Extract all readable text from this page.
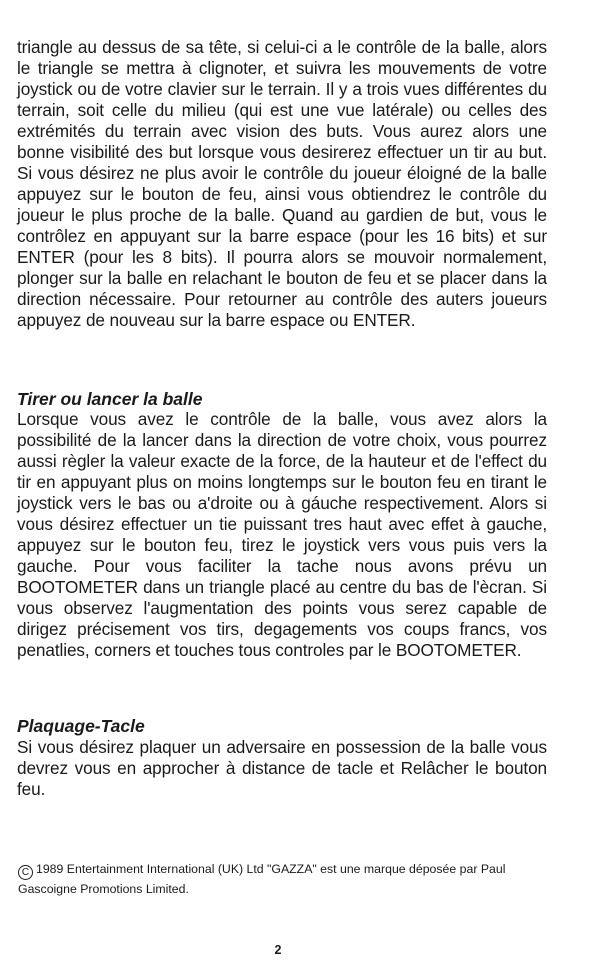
triangle au dessus de sa tête, si celui-ci a le contrôle de la balle, alors le triangle se mettra à clignoter, et suivra les mouvements de votre joystick ou de votre clavier sur le terrain. Il y a trois vues différentes du terrain, soit celle du milieu (qui est une vue latérale) ou celles des extrémités du terrain avec vision des buts. Vous aurez alors une bonne visibilité des but lorsque vous desirerez effectuer un tir au but. Si vous désirez ne plus avoir le contrôle du joueur éloigné de la balle appuyez sur le bouton de feu, ainsi vous obtiendrez le contrôle du joueur le plus proche de la balle. Quand au gardien de but, vous le contrôlez en appuyant sur la barre espace (pour les 16 bits) et sur ENTER (pour les 8 bits). Il pourra alors se mouvoir normalement, plonger sur la balle en relachant le bouton de feu et se placer dans la direction nécessaire. Pour retourner au contrôle des auters joueurs appuyez de nouveau sur la barre espace ou ENTER.

Tirer ou lancer la balle

Lorsque vous avez le contrôle de la balle, vous avez alors la possibilité de la lancer dans la direction de votre choix, vous pourrez aussi règler la valeur exacte de la force, de la hauteur et de l'effect du tir en appuyant plus on moins longtemps sur le bouton feu en tirant le joystick vers le bas ou a'droite ou à gáuche respectivement. Alors si vous désirez effectuer un tie puissant tres haut avec effet à gauche, appuyez sur le bouton feu, tirez le joystick vers vous puis vers la gauche. Pour vous faciliter la tache nous avons prévu un BOOTOMETER dans un triangle placé au centre du bas de l'ècran. Si vous observez l'augmentation des points vous serez capable de dirigez précisement vos tirs, degagements vos coups francs, vos penatlies, corners et touches tous controles par le BOOTOMETER.

Plaquage-Tacle

Si vous désirez plaquer un adversaire en possession de la balle vous devrez vous en approcher à distance de tacle et Relâcher le bouton feu.

C 1989 Entertainment International (UK) Ltd "GAZZA" est une marque déposée par Paul Gascoigne Promotions Limited.

2
